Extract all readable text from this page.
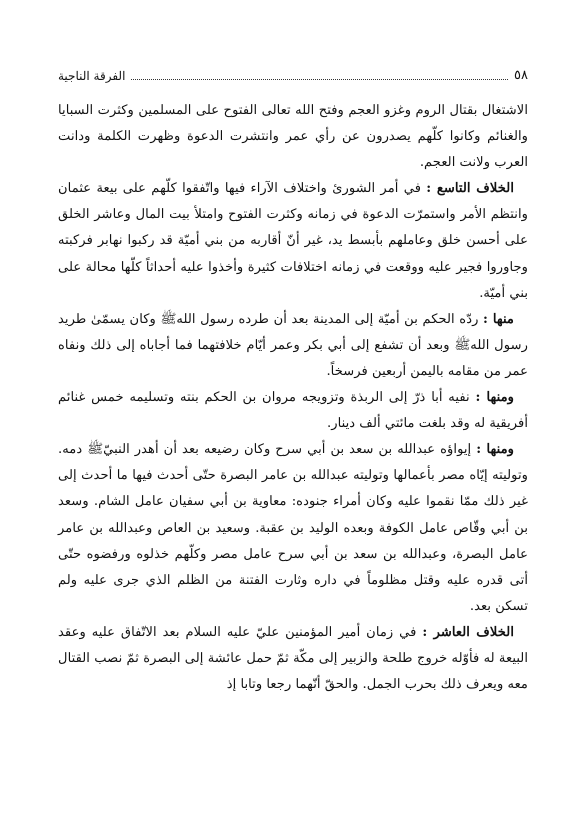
٥٨
الفرقة الناجية

الاشتغال بقتال الروم وغزو العجم وفتح الله تعالى الفتوح على المسلمين وكثرت السبايا والغنائم وكانوا كلّهم يصدرون عن رأي عمر وانتشرت الدعوة وظهرت الكلمة ودانت العرب ولانت العجم.

الخلاف التاسع : في أمر الشورئ واختلاف الآراء فيها واتّفقوا كلّهم على بيعة عثمان وانتظم الأمر واستمرّت الدعوة في زمانه وكثرت الفتوح وامتلأ بيت المال وعاشر الخلق على أحسن خلق وعاملهم بأبسط يد، غير أنّ أقاربه من بني أميّة قد ركبوا نهابر فركبته وجاوروا فجير عليه ووقعت في زمانه اختلافات كثيرة وأخذوا عليه أحداثاً كلّها محالة على بني أميّة.

منها : ردّه الحكم بن أميّة إلى المدينة بعد أن طرده رسول اللهﷺ وكان يسمّىٰ طريد رسول اللهﷺ وبعد أن تشفع إلى أبي بكر وعمر أيّام خلافتهما فما أجاباه إلى ذلك ونفاه عمر من مقامه باليمن أربعين فرسخاً.

ومنها : نفيه أبا ذرّ إلى الربذة وتزويجه مروان بن الحكم بنته وتسليمه خمس غنائم أفريقية له وقد بلغت مائتي ألف دينار.

ومنها : إيواؤه عبدالله بن سعد بن أبي سرح وكان رضيعه بعد أن أهدر النبيّﷺ دمه. وتوليته إيّاه مصر بأعمالها وتوليته عبدالله بن عامر البصرة حتّى أحدث فيها ما أحدث إلى غير ذلك ممّا نقموا عليه وكان أمراء جنوده: معاوية بن أبي سفيان عامل الشام. وسعد بن أبي وقّاص عامل الكوفة وبعده الوليد بن عقبة. وسعيد بن العاص وعبدالله بن عامر عامل البصرة، وعبدالله بن سعد بن أبي سرح عامل مصر وكلّهم خذلوه ورفضوه حتّى أتى قدره عليه وقتل مظلوماً في داره وثارت الفتنة من الظلم الذي جرى عليه ولم تسكن بعد.

الخلاف العاشر : في زمان أمير المؤمنين عليّ عليه السلام بعد الاتّفاق عليه وعقد البيعة له فأوّله خروج طلحة والزبير إلى مكّة ثمّ حمل عائشة إلى البصرة ثمّ نصب القتال معه ويعرف ذلك بحرب الجمل. والحقّ أنّهما رجعا وتابا إذ
